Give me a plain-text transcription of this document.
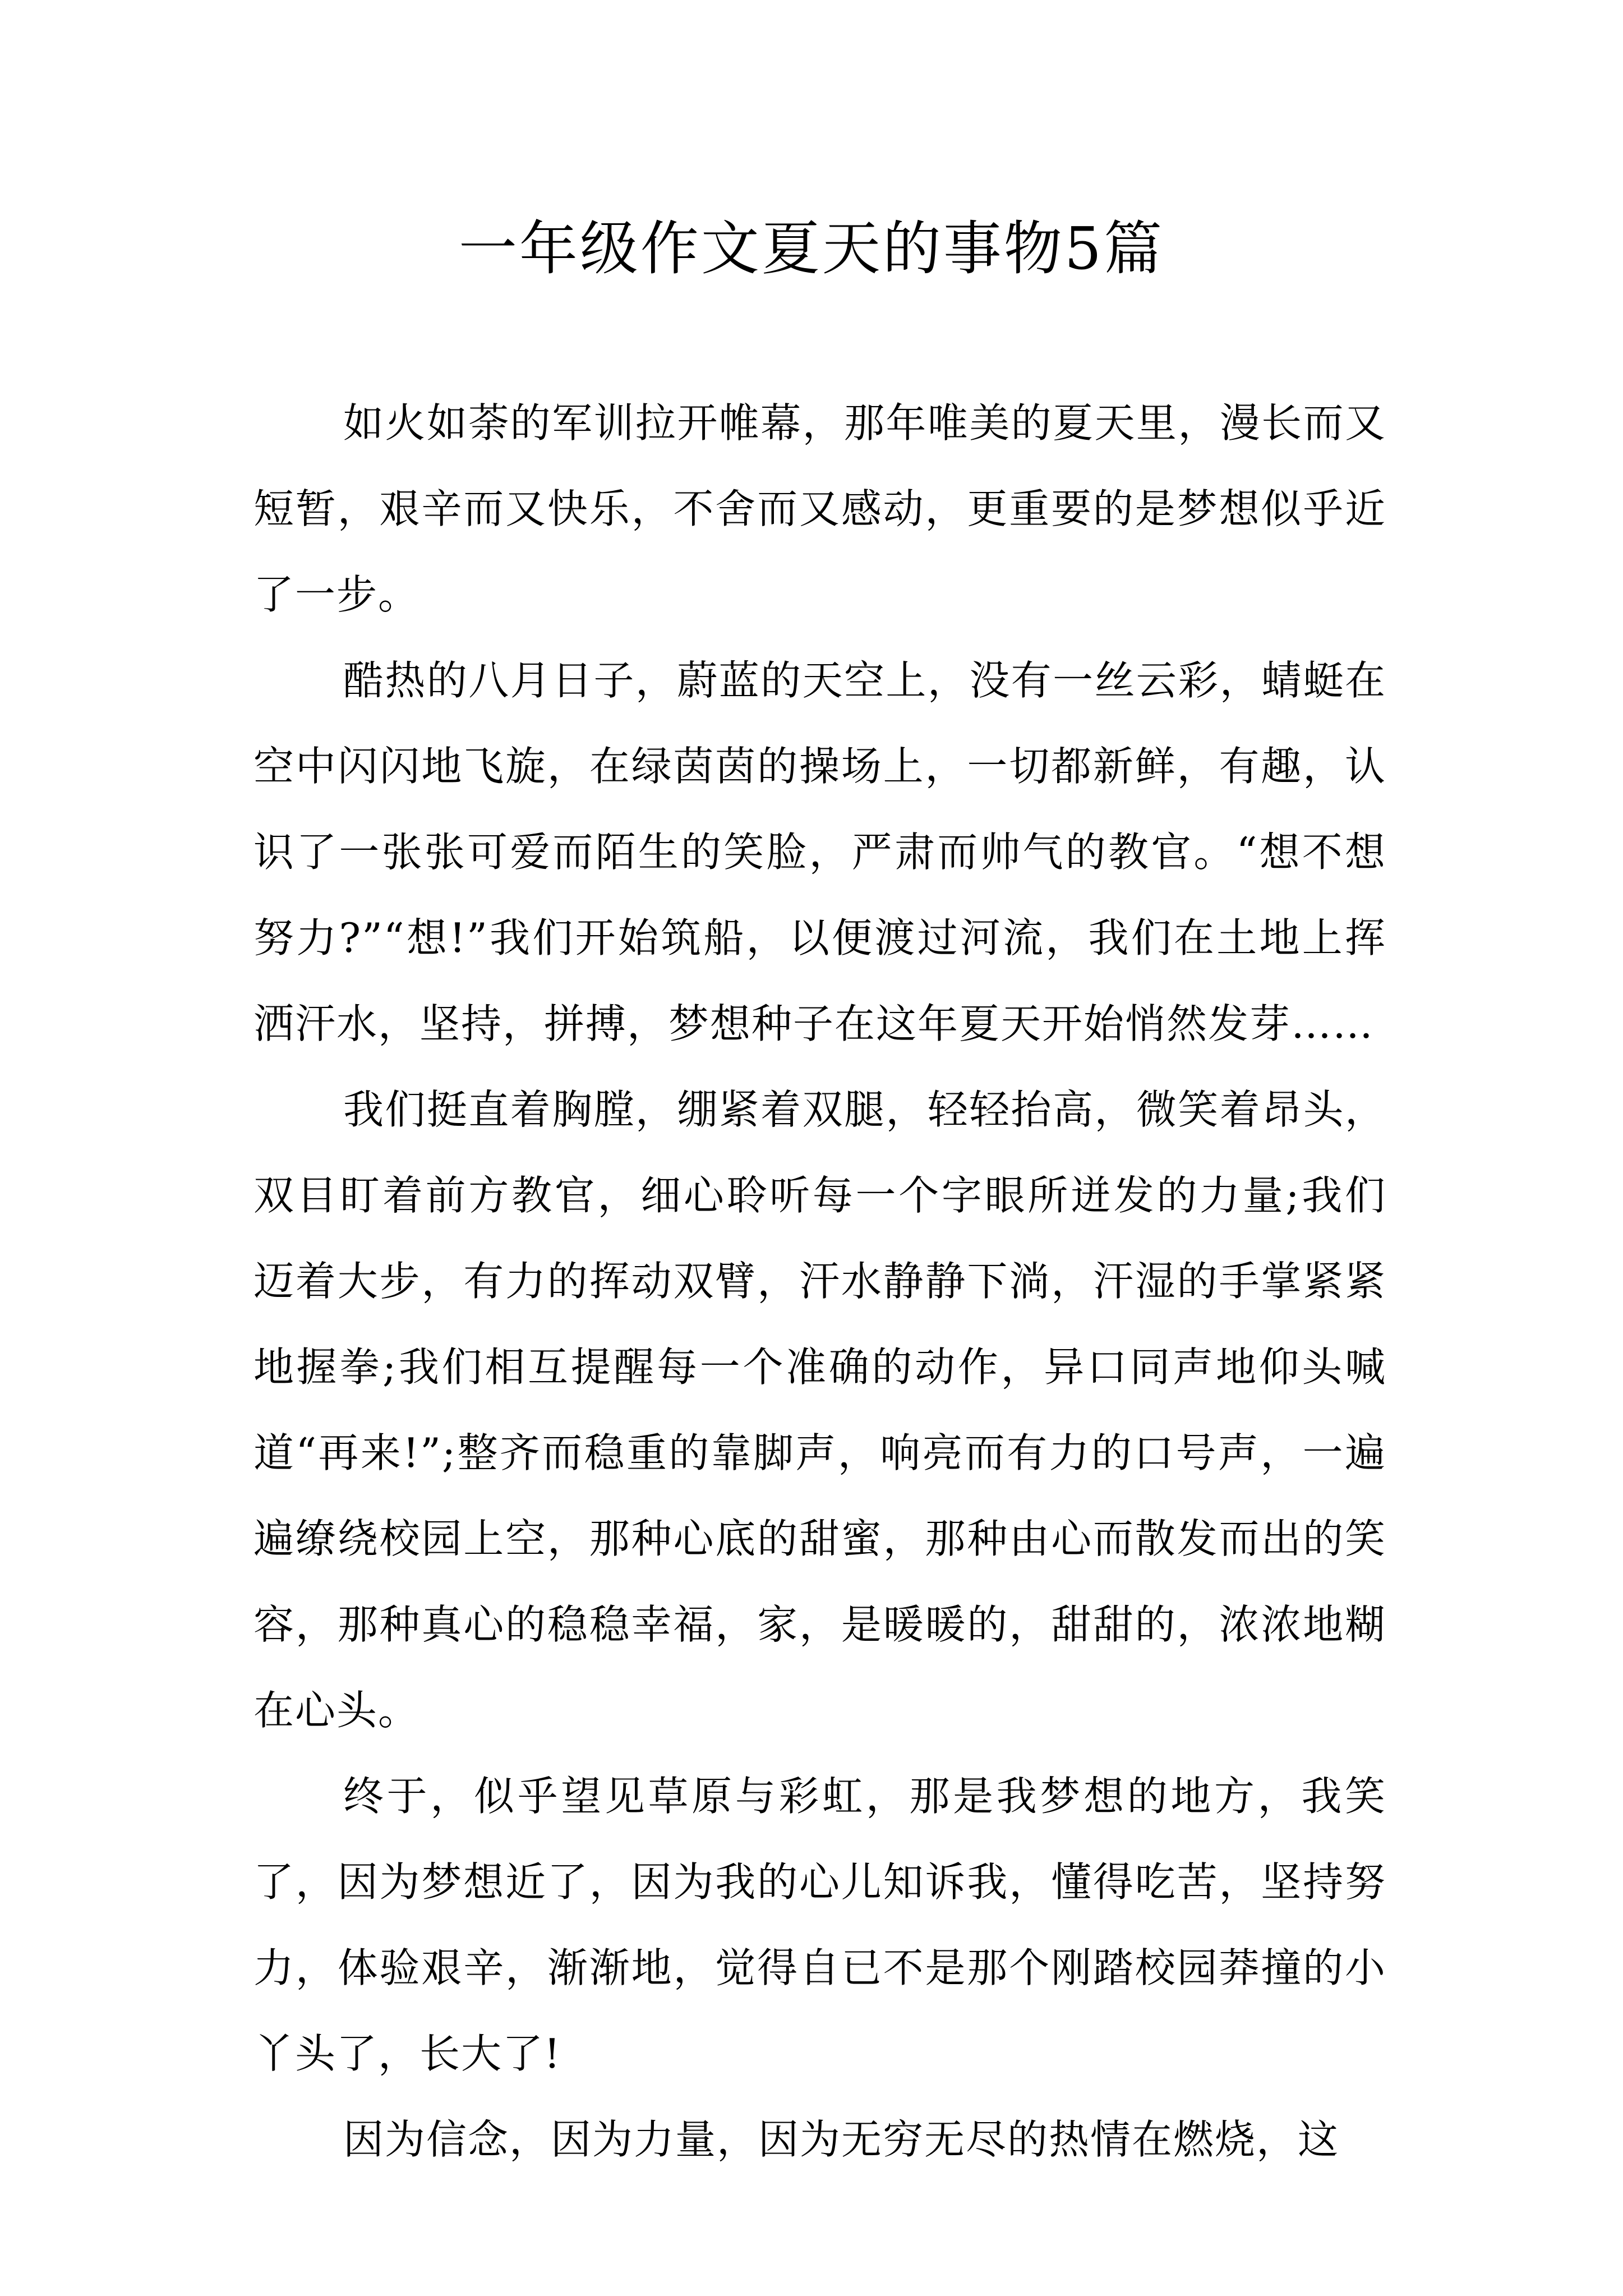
一年级作文夏天的事物5篇

如火如荼的军训拉开帷幕，那年唯美的夏天里，漫长而又短暂，艰辛而又快乐，不舍而又感动，更重要的是梦想似乎近了一步。

酷热的八月日子，蔚蓝的天空上，没有一丝云彩，蜻蜓在空中闪闪地飞旋，在绿茵茵的操场上，一切都新鲜，有趣，认识了一张张可爱而陌生的笑脸，严肃而帅气的教官。“想不想努力?”“想!”我们开始筑船，以便渡过河流，我们在土地上挥洒汗水，坚持，拼搏，梦想种子在这年夏天开始悄然发芽……

我们挺直着胸膛，绷紧着双腿，轻轻抬高，微笑着昂头，双目盯着前方教官，细心聆听每一个字眼所迸发的力量;我们迈着大步，有力的挥动双臂，汗水静静下淌，汗湿的手掌紧紧地握拳;我们相互提醒每一个准确的动作，异口同声地仰头喊道“再来!”;整齐而稳重的靠脚声，响亮而有力的口号声，一遍遍缭绕校园上空，那种心底的甜蜜，那种由心而散发而出的笑容，那种真心的稳稳幸福，家，是暖暖的，甜甜的，浓浓地糊在心头。

终于，似乎望见草原与彩虹，那是我梦想的地方，我笑了，因为梦想近了，因为我的心儿知诉我，懂得吃苦，坚持努力，体验艰辛，渐渐地，觉得自已不是那个刚踏校园莽撞的小丫头了，长大了!

因为信念，因为力量，因为无穷无尽的热情在燃烧，这
